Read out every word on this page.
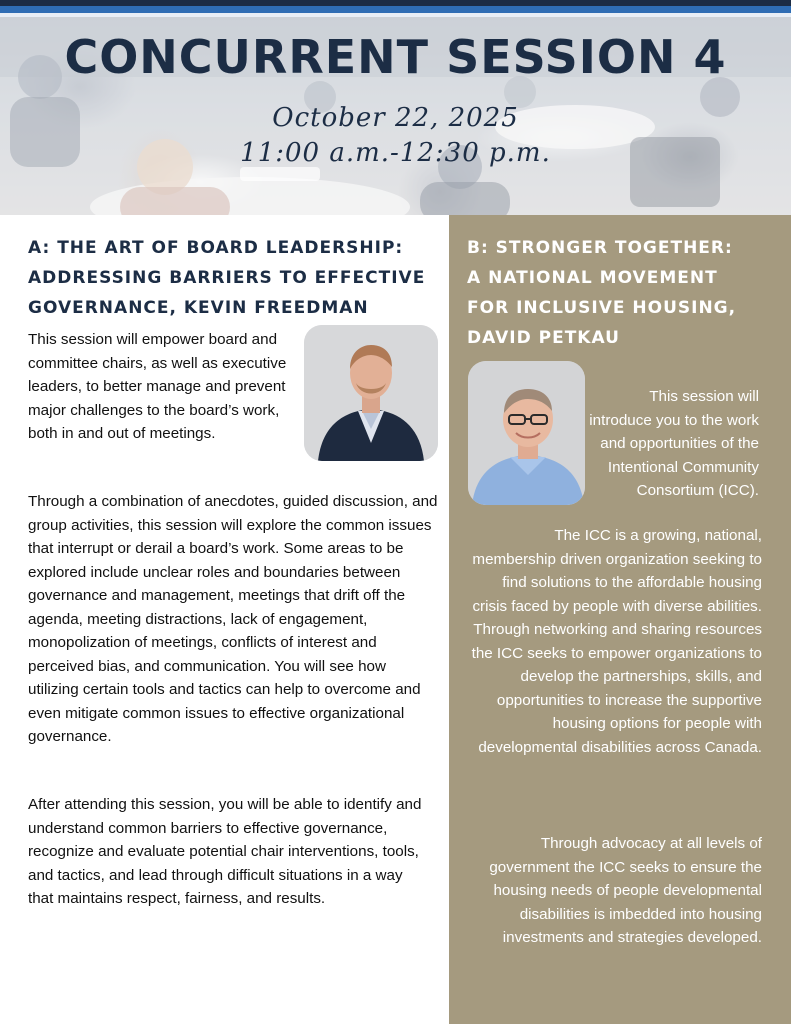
CONCURRENT SESSION 4
October 22, 2025
11:00 a.m.-12:30 p.m.
A: THE ART OF BOARD LEADERSHIP:
ADDRESSING BARRIERS TO EFFECTIVE
GOVERNANCE, KEVIN FREEDMAN

This session will empower board and committee chairs, as well as executive leaders, to better manage and prevent major challenges to the board’s work, both in and out of meetings.

Through a combination of anecdotes, guided discussion, and group activities, this session will explore the common issues that interrupt or derail a board’s work. Some areas to be explored include unclear roles and boundaries between governance and management, meetings that drift off the agenda, meeting distractions, lack of engagement, monopolization of meetings, conflicts of interest and perceived bias, and communication. You will see how utilizing certain tools and tactics can help to overcome and even mitigate common issues to effective organizational governance.

After attending this session, you will be able to identify and understand common barriers to effective governance, recognize and evaluate potential chair interventions, tools, and tactics, and lead through difficult situations in a way that maintains respect, fairness, and results.

B: STRONGER TOGETHER:
A NATIONAL MOVEMENT
FOR INCLUSIVE HOUSING,
DAVID PETKAU

This session will introduce you to the work and opportunities of the Intentional Community Consortium (ICC).

The ICC is a growing, national, membership driven organization seeking to find solutions to the affordable housing crisis faced by people with diverse abilities. Through networking and sharing resources the ICC seeks to empower organizations to develop the partnerships, skills, and opportunities to increase the supportive housing options for people with developmental disabilities across Canada.

Through advocacy at all levels of government the ICC seeks to ensure the housing needs of people developmental disabilities is imbedded into housing investments and strategies developed.
